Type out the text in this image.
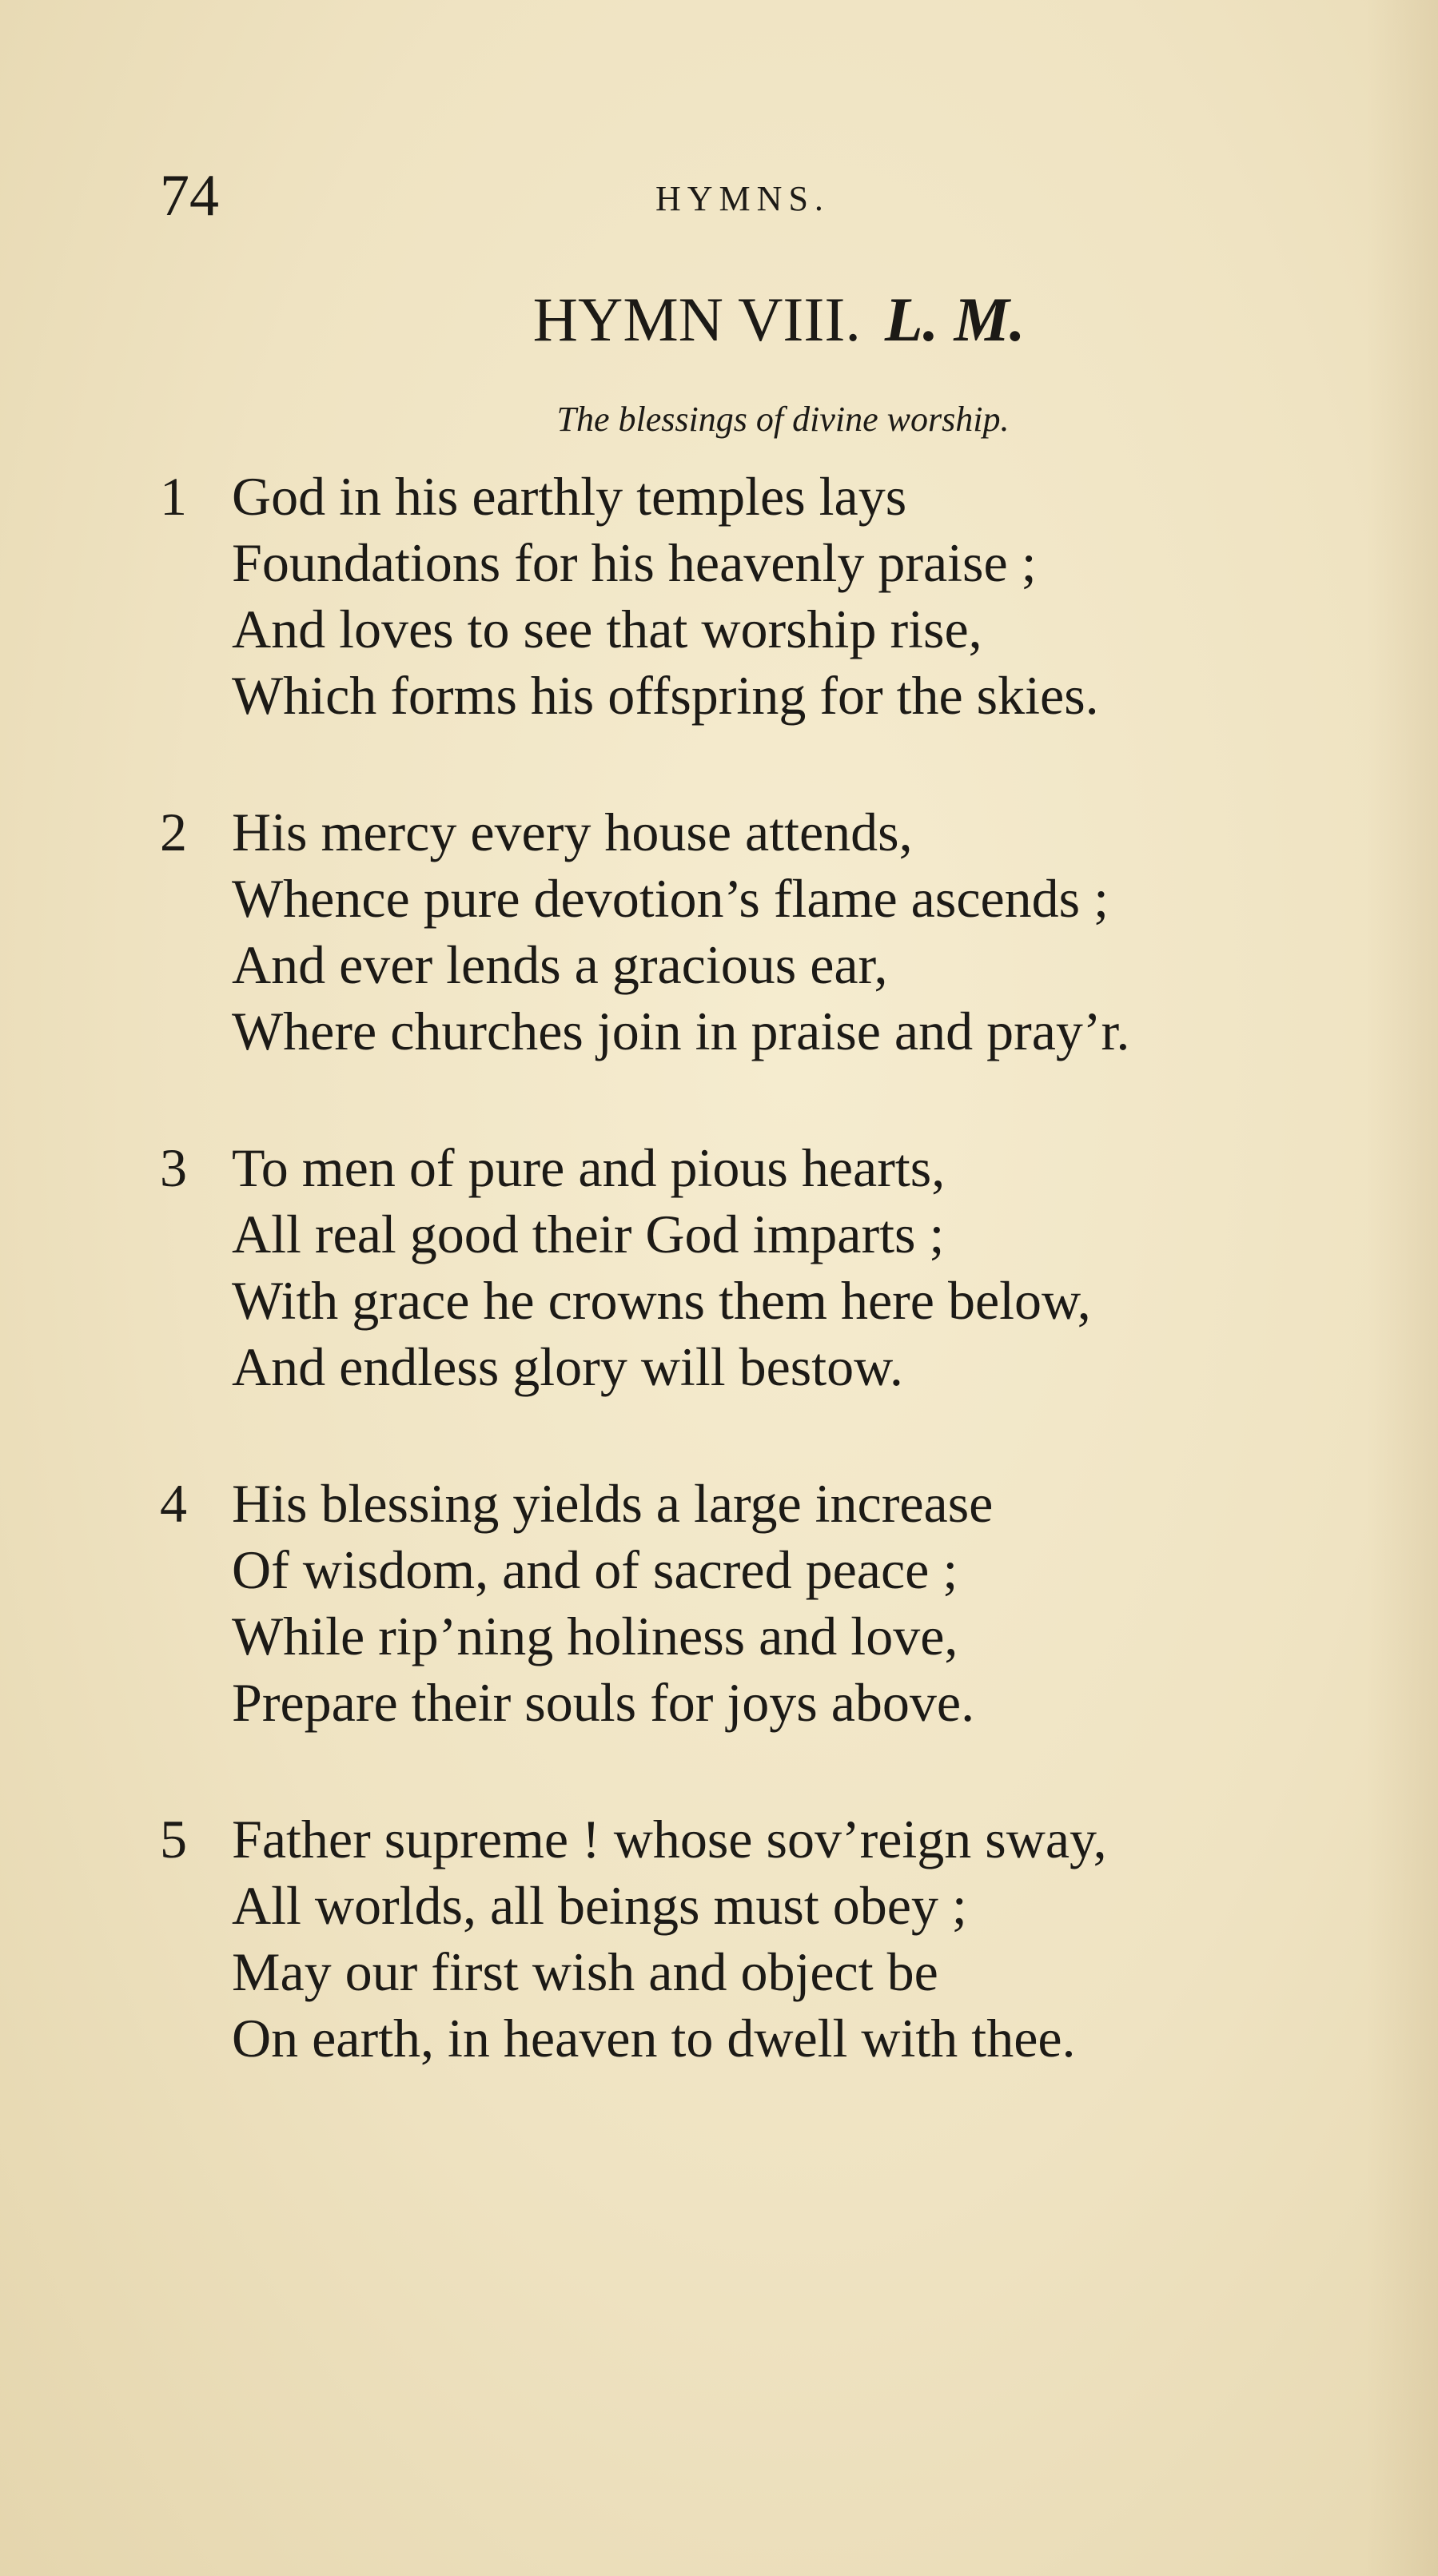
74	HYMNS.
HYMN VIII. L. M.
The blessings of divine worship.
1 God in his earthly temples lays
Foundations for his heavenly praise ;
And loves to see that worship rise,
Which forms his offspring for the skies.
2 His mercy every house attends,
Whence pure devotion’s flame ascends ;
And ever lends a gracious ear,
Where churches join in praise and pray’r.
3 To men of pure and pious hearts,
All real good their God imparts ;
With grace he crowns them here below,
And endless glory will bestow.
4 His blessing yields a large increase
Of wisdom, and of sacred peace ;
While rip’ning holiness and love,
Prepare their souls for joys above.
5 Father supreme ! whose sov’reign sway,
All worlds, all beings must obey ;
May our first wish and object be
On earth, in heaven to dwell with thee.
